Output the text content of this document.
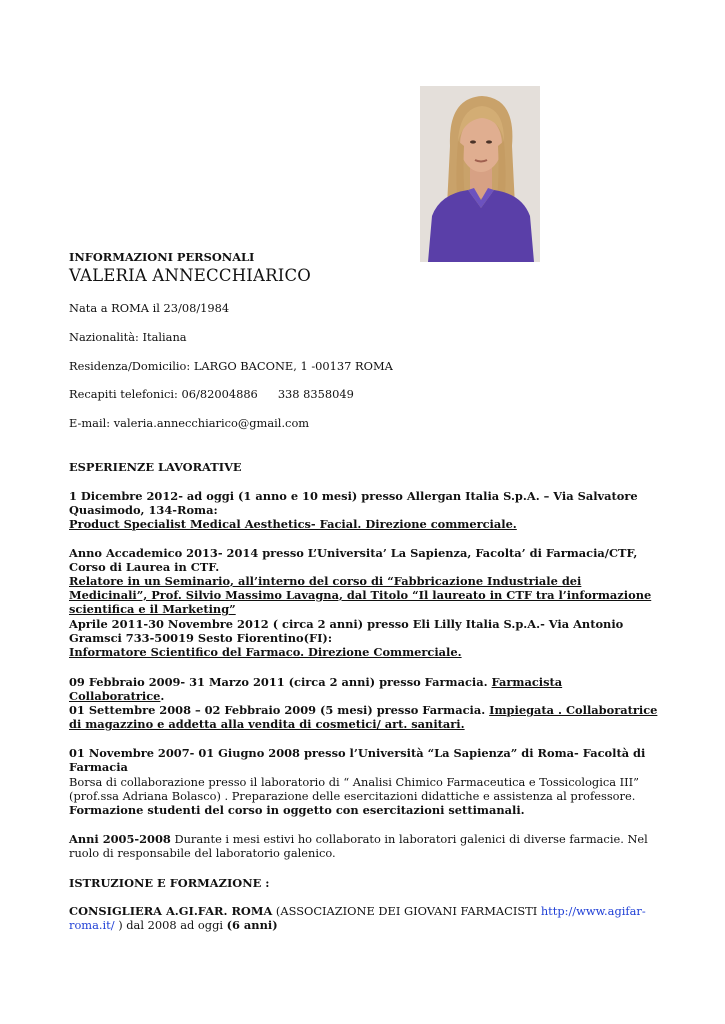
INFORMAZIONI PERSONALI
VALERIA ANNECCHIARICO
Nata a ROMA il 23/08/1984
Nazionalità: Italiana
Residenza/Domicilio: LARGO BACONE, 1 -00137 ROMA
Recapiti telefonici: 06/82004886 338 8358049
E-mail: valeria.annecchiarico@gmail.com
ESPERIENZE LAVORATIVE
1 Dicembre 2012- ad oggi (1 anno e 10 mesi) presso Allergan Italia S.p.A. – Via Salvatore Quasimodo, 134-Roma:
Product Specialist Medical Aesthetics- Facial. Direzione commerciale.
Anno Accademico 2013- 2014 presso L’Universita’ La Sapienza, Facolta’ di Farmacia/CTF, Corso di Laurea in CTF.
Relatore in un Seminario, all’interno del corso di “Fabbricazione Industriale dei Medicinali”, Prof. Silvio Massimo Lavagna, dal Titolo “Il laureato in CTF tra l’informazione scientifica e il Marketing”
Aprile 2011-30 Novembre 2012 ( circa 2 anni) presso Eli Lilly Italia S.p.A.- Via Antonio Gramsci 733-50019 Sesto Fiorentino(FI):
Informatore Scientifico del Farmaco. Direzione Commerciale.
09 Febbraio 2009- 31 Marzo 2011 (circa 2 anni) presso Farmacia. Farmacista Collaboratrice.
01 Settembre 2008 – 02 Febbraio 2009 (5 mesi) presso Farmacia. Impiegata . Collaboratrice di magazzino e addetta alla vendita di cosmetici/ art. sanitari.
01 Novembre 2007- 01 Giugno 2008 presso l’Università “La Sapienza” di Roma- Facoltà di Farmacia
Borsa di collaborazione presso il laboratorio di “ Analisi Chimico Farmaceutica e Tossicologica III” (prof.ssa Adriana Bolasco) . Preparazione delle esercitazioni didattiche e assistenza al professore. Formazione studenti del corso in oggetto con esercitazioni settimanali.
Anni 2005-2008 Durante i mesi estivi ho collaborato in laboratori galenici di diverse farmacie. Nel ruolo di responsabile del laboratorio galenico.
ISTRUZIONE E FORMAZIONE :
CONSIGLIERA A.GI.FAR. ROMA (ASSOCIAZIONE DEI GIOVANI FARMACISTI http://www.agifar-roma.it/ ) dal 2008 ad oggi (6 anni)
